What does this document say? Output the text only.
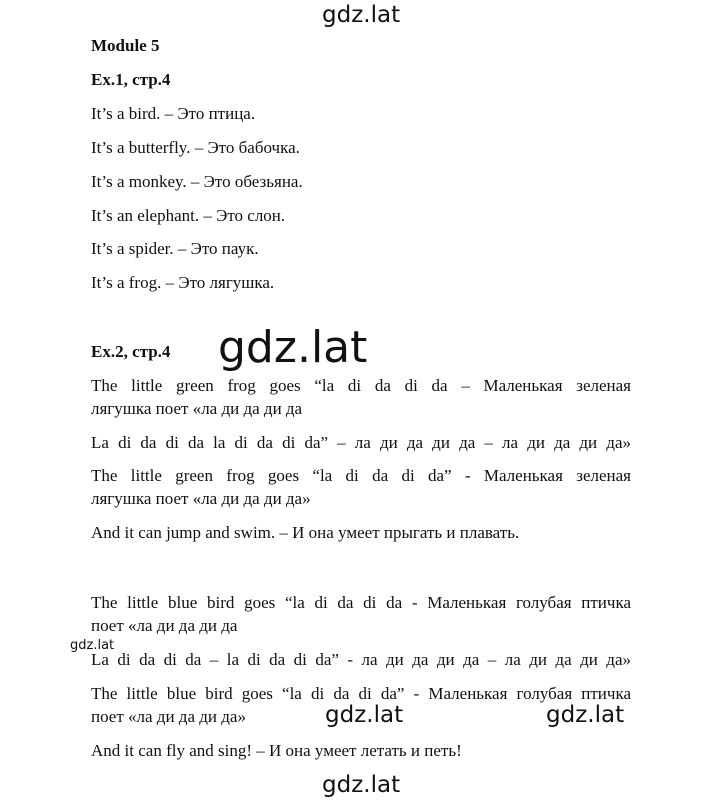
gdz.lat
Module 5
Ex.1, стр.4
It’s a bird. – Это птица.
It’s a butterfly. – Это бабочка.
It’s a monkey. – Это обезьяна.
It’s an elephant. – Это слон.
It’s a spider. – Это паук.
It’s a frog. – Это лягушка.
gdz.lat
Ex.2, стр.4
The little green frog goes “la di da di da – Маленькая зеленая
лягушка поет «ла ди да ди да
La di da di da la di da di da” – ла ди да ди да – ла ди да ди да»
The little green frog goes “la di da di da” - Маленькая зеленая
лягушка поет «ла ди да ди да»
And it can jump and swim. – И она умеет прыгать и плавать.
The little blue bird goes “la di da di da - Маленькая голубая птичка
поет «ла ди да ди да
gdz.lat
La di da di da – la di da di da” - ла ди да ди да – ла ди да ди да»
The little blue bird goes “la di da di da” - Маленькая голубая птичка
поет «ла ди да ди да»	gdz.lat	gdz.lat
And it can fly and sing! – И она умеет летать и петь!
gdz.lat
